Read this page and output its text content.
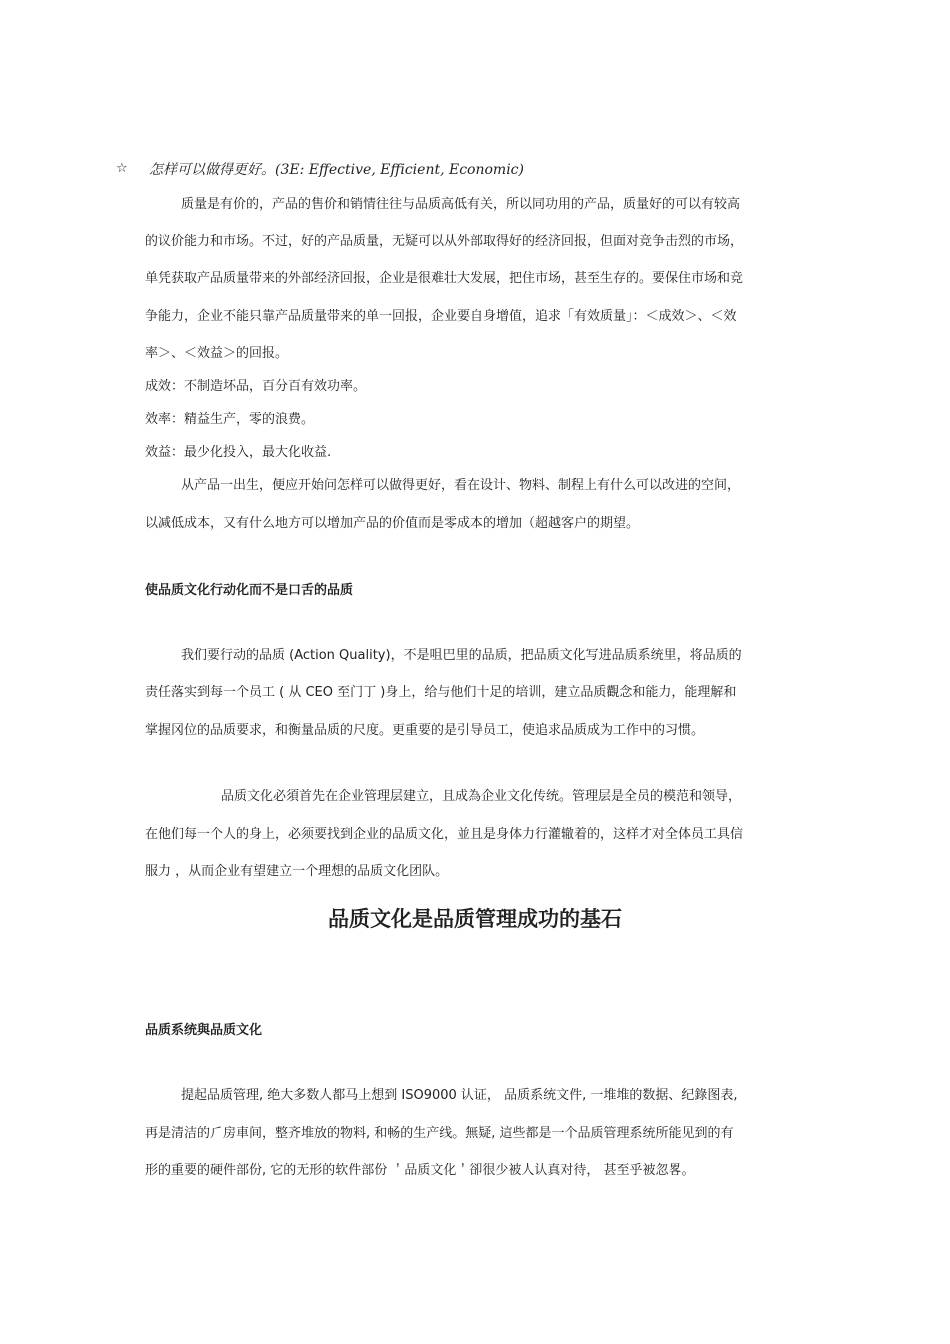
☆ 怎样可以做得更好。(3E: Effective, Efficient, Economic)
质量是有价的，产品的售价和销情往往与品质高低有关，所以同功用的产品，质量好的可以有较高
的议价能力和市场。不过，好的产品质量，无疑可以从外部取得好的经济回报，但面对竞争击烈的市场，
单凭获取产品质量带来的外部经济回报，企业是很难壮大发展，把住市场，甚至生存的。要保住市场和竞
争能力，企业不能只靠产品质量带来的单一回报，企业要自身增值，追求「有效质量」：＜成效＞、＜效
率＞、＜效益＞的回报。
成效：不制造坏品，百分百有效功率。
效率：精益生产，零的浪费。
效益：最少化投入，最大化收益.
从产品一出生，便应开始问怎样可以做得更好，看在设计、物料、制程上有什么可以改进的空间，
以减低成本，又有什么地方可以增加产品的价值而是零成本的增加（超越客户的期望。
使品质文化行动化而不是口舌的品质
我们要行动的品质 (Action Quality)，不是咀巴里的品质，把品质文化写进品质系统里，将品质的
责任落实到每一个员工 ( 从 CEO 至门丁 )身上，给与他们十足的培训，建立品质觀念和能力，能理解和
掌握冈位的品质要求，和衡量品质的尺度。更重要的是引导员工，使追求品质成为工作中的习惯。
品质文化必須首先在企业管理层建立，且成為企业文化传统。管理层是全员的模范和领导，
在他们每一个人的身上，必须要找到企业的品质文化，並且是身体力行灌辙着的，这样才对全体员工具信
服力 ，从而企业有望建立一个理想的品质文化团队。
品质文化是品质管理成功的基石
品质系统與品质文化
提起品质管理, 绝大多数人都马上想到 ISO9000 认证， 品质系统文件, 一堆堆的数据、纪錄图表,
再是清洁的⺁房車间，整齐堆放的物料, 和畅的生产线。無疑, 這些都是一个品质管理系统所能见到的有
形的重要的硬件部份, 它的无形的软件部份 ＇品质文化＇卻很少被人认真对待， 甚至乎被忽畧。
